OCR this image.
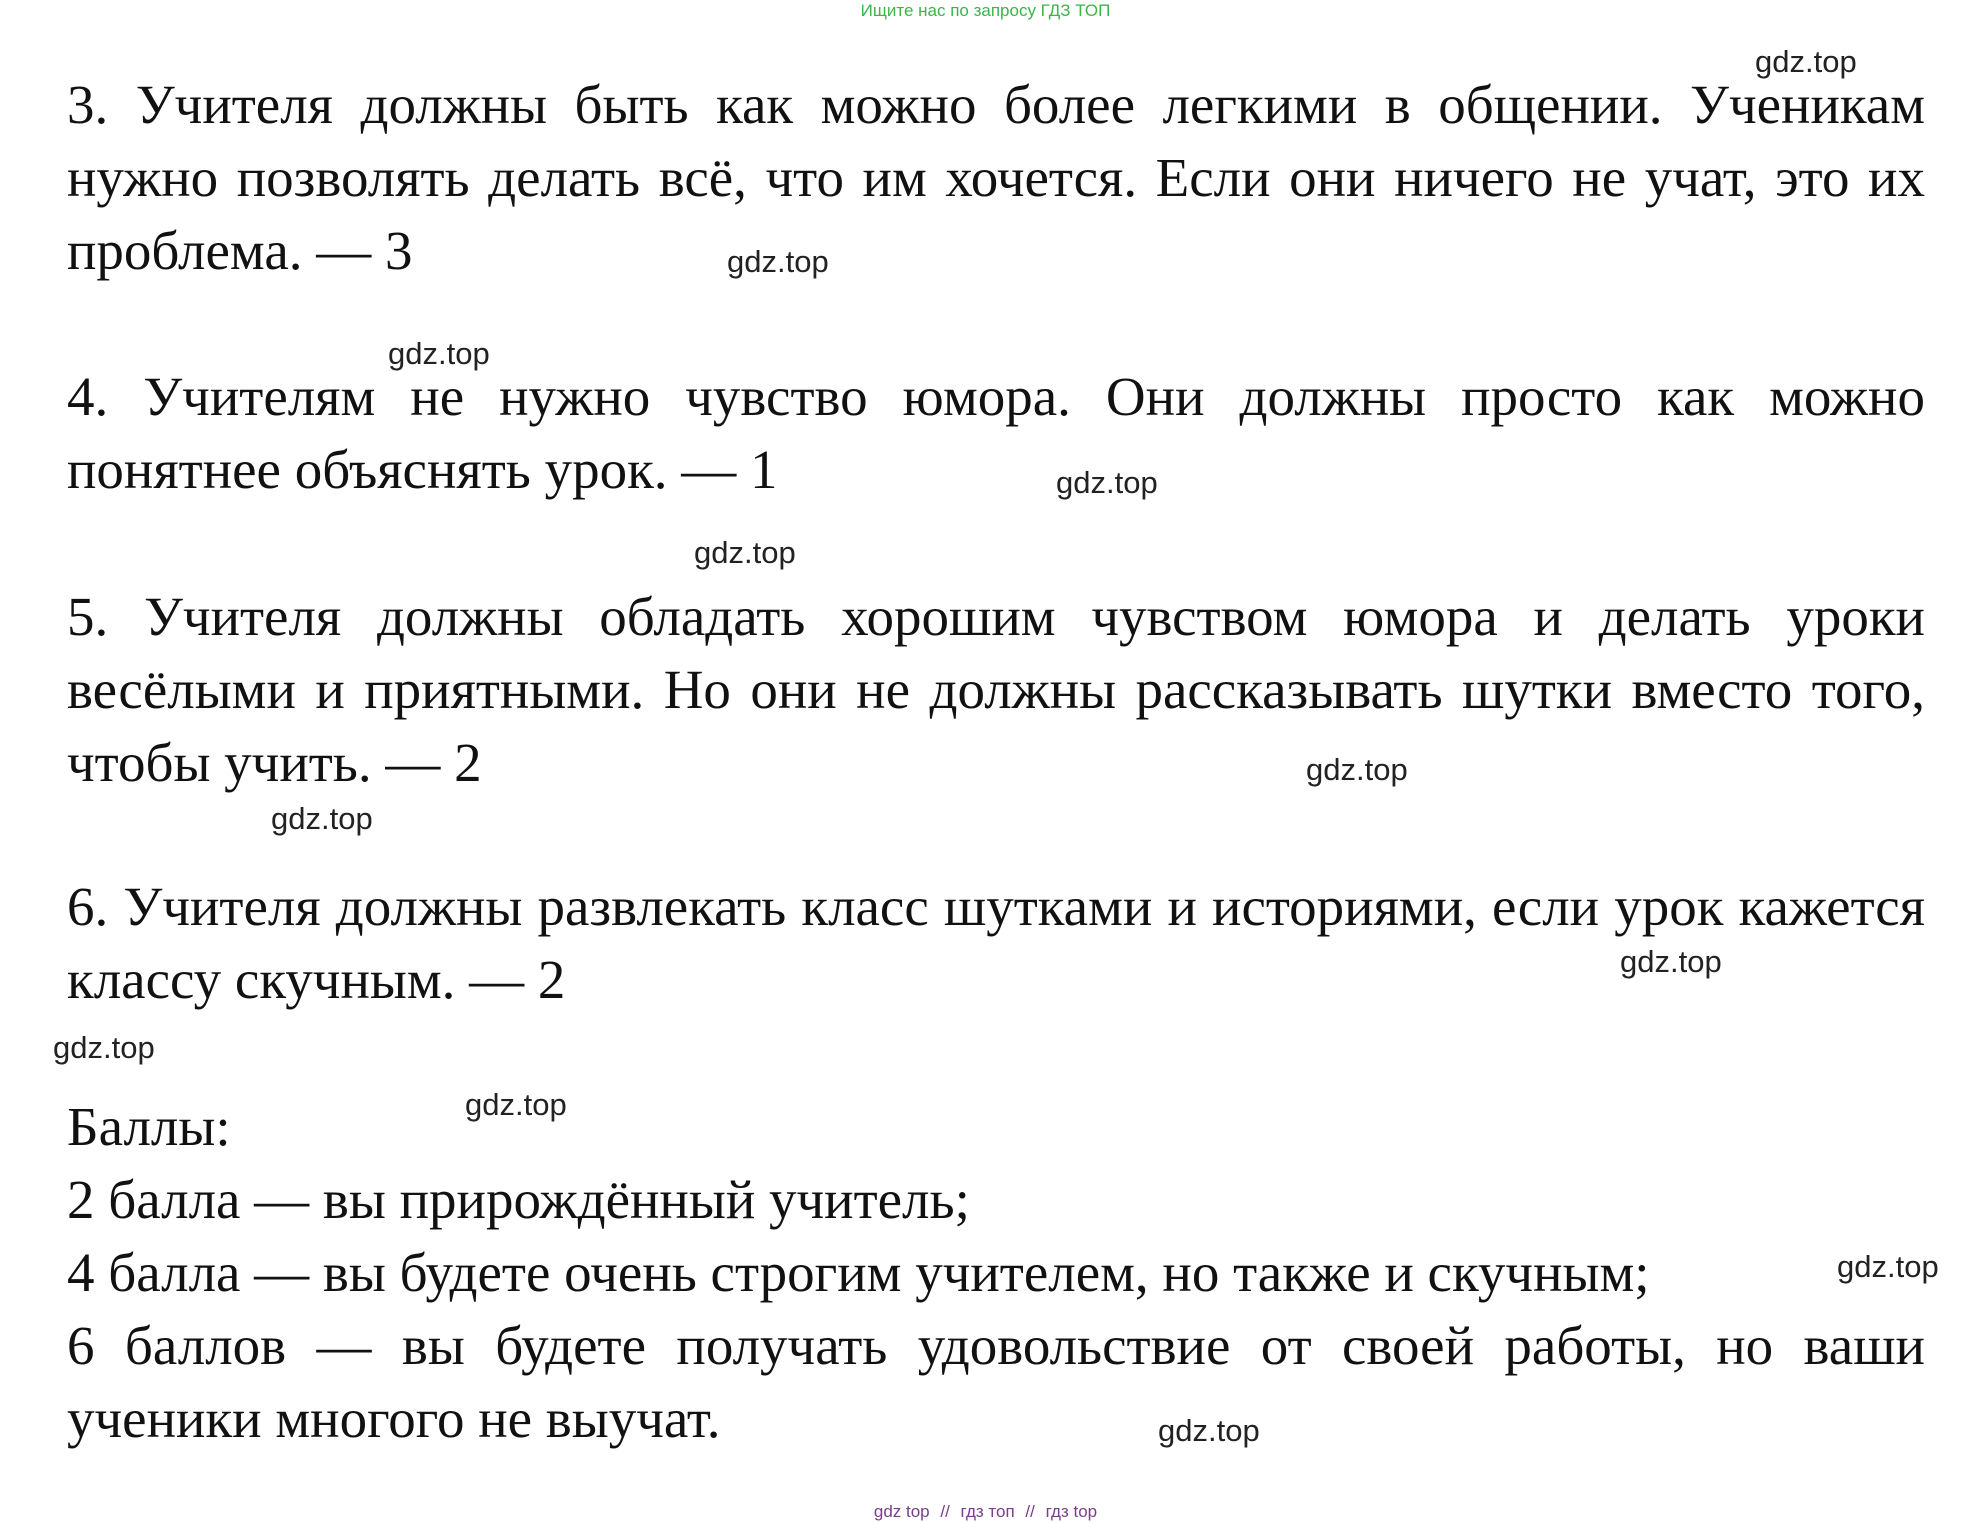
Ищите нас по запросу ГДЗ ТОП

3. Учителя должны быть как можно более легкими в общении. Ученикам нужно позволять делать всё, что им хочется. Если они ничего не учат, это их проблема. — 3

4. Учителям не нужно чувство юмора. Они должны просто как можно понятнее объяснять урок. — 1

5. Учителя должны обладать хорошим чувством юмора и делать уроки весёлыми и приятными. Но они не должны рассказывать шутки вместо того, чтобы учить. — 2

6. Учителя должны развлекать класс шутками и историями, если урок кажется классу скучным. — 2

Баллы:

2 балла — вы прирождённый учитель;

4 балла — вы будете очень строгим учителем, но также и скучным;

6 баллов — вы будете получать удовольствие от своей работы, но ваши ученики многого не выучат.

gdz.top
gdz.top
gdz.top
gdz.top
gdz.top
gdz.top
gdz.top
gdz.top
gdz.top
gdz.top
gdz.top
gdz.top
gdz top // гдз топ // гдз top
